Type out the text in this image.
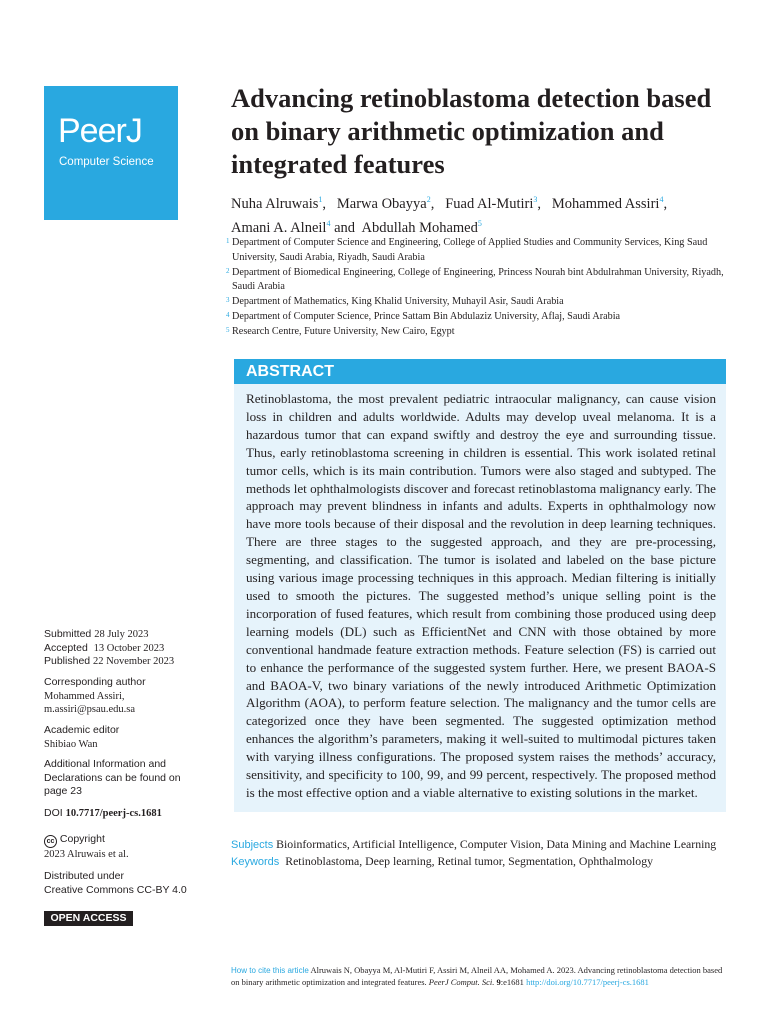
PeerJ
Computer Science
Advancing retinoblastoma detection based on binary arithmetic optimization and integrated features
Nuha Alruwais$^1$,   Marwa Obayya$^2$,   Fuad Al-Mutiri$^3$,   Mohammed Assiri$^4$,
Amani A. Alneil$^4$ and  Abdullah Mohamed$^5$
1 Department of Computer Science and Engineering, College of Applied Studies and Community Services, King Saud University, Saudi Arabia, Riyadh, Saudi Arabia
2 Department of Biomedical Engineering, College of Engineering, Princess Nourah bint Abdulrahman University, Riyadh, Saudi Arabia
3 Department of Mathematics, King Khalid University, Muhayil Asir, Saudi Arabia
4 Department of Computer Science, Prince Sattam Bin Abdulaziz University, Aflaj, Saudi Arabia
5 Research Centre, Future University, New Cairo, Egypt
ABSTRACT
Retinoblastoma, the most prevalent pediatric intraocular malignancy, can cause vision loss in children and adults worldwide. Adults may develop uveal melanoma. It is a hazardous tumor that can expand swiftly and destroy the eye and surrounding tissue. Thus, early retinoblastoma screening in children is essential. This work isolated retinal tumor cells, which is its main contribution. Tumors were also staged and subtyped. The methods let ophthalmologists discover and forecast retinoblastoma malignancy early. The approach may prevent blindness in infants and adults. Experts in ophthalmology now have more tools because of their disposal and the revolution in deep learning techniques. There are three stages to the suggested approach, and they are pre-processing, segmenting, and classification. The tumor is isolated and labeled on the base picture using various image processing techniques in this approach. Median filtering is initially used to smooth the pictures. The suggested method’s unique selling point is the incorporation of fused features, which result from combining those produced using deep learning models (DL) such as EfficientNet and CNN with those obtained by more conventional handmade feature extraction methods. Feature selection (FS) is carried out to enhance the performance of the suggested system further. Here, we present BAOA-S and BAOA-V, two binary variations of the newly introduced Arithmetic Optimization Algorithm (AOA), to perform feature selection. The malignancy and the tumor cells are categorized once they have been segmented. The suggested optimization method enhances the algorithm’s parameters, making it well-suited to multimodal pictures taken with varying illness configurations. The proposed system raises the methods’ accuracy, sensitivity, and specificity to 100, 99, and 99 percent, respectively. The proposed method is the most effective option and a viable alternative to existing solutions in the market.
Subjects Bioinformatics, Artificial Intelligence, Computer Vision, Data Mining and Machine Learning
Keywords Retinoblastoma, Deep learning, Retinal tumor, Segmentation, Ophthalmology
Submitted 28 July 2023
Accepted 13 October 2023
Published 22 November 2023
Corresponding author
Mohammed Assiri,
m.assiri@psau.edu.sa
Academic editor
Shibiao Wan
Additional Information and Declarations can be found on page 23
DOI 10.7717/peerj-cs.1681
cc Copyright
2023 Alruwais et al.
Distributed under
Creative Commons CC-BY 4.0
OPEN ACCESS
How to cite this article Alruwais N, Obayya M, Al-Mutiri F, Assiri M, Alneil AA, Mohamed A. 2023. Advancing retinoblastoma detection based on binary arithmetic optimization and integrated features. PeerJ Comput. Sci. 9:e1681 http://doi.org/10.7717/peerj-cs.1681
